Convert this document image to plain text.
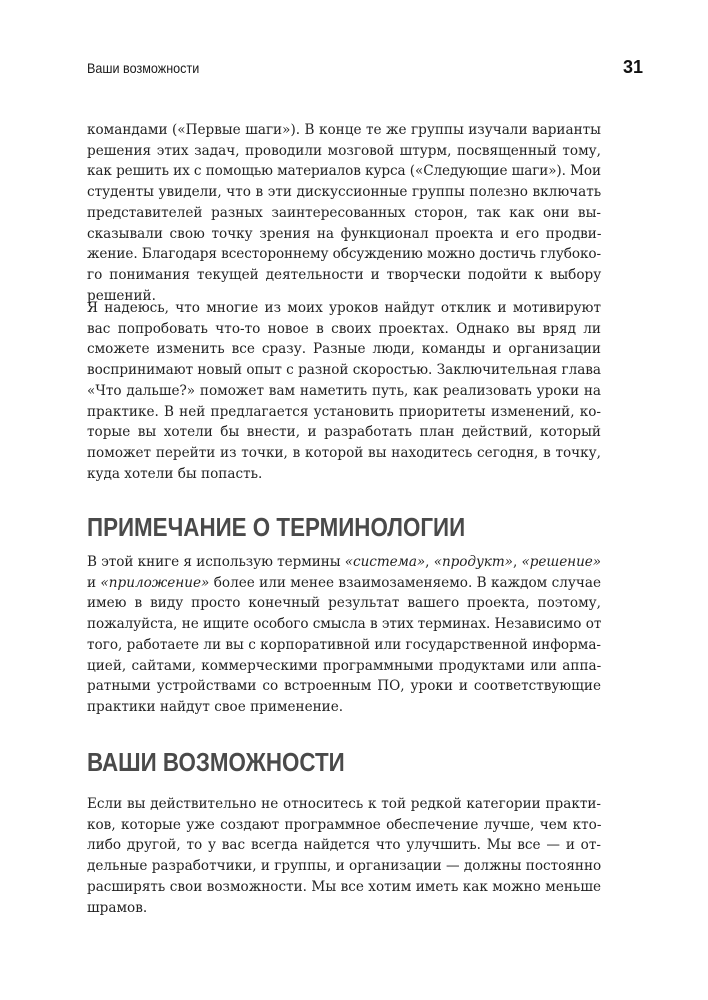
Ваши возможности	31

командами («Первые шаги»). В конце те же группы изучали варианты
решения этих задач, проводили мозговой штурм, посвященный тому,
как решить их с помощью материалов курса («Следующие шаги»). Мои
студенты увидели, что в эти дискуссионные группы полезно включать
представителей разных заинтересованных сторон, так как они вы-
сказывали свою точку зрения на функционал проекта и его продви-
жение. Благодаря всестороннему обсуждению можно достичь глубоко-
го понимания текущей деятельности и творчески подойти к выбору
решений.

Я надеюсь, что многие из моих уроков найдут отклик и мотивируют
вас попробовать что-то новое в своих проектах. Однако вы вряд ли
сможете изменить все сразу. Разные люди, команды и организации
воспринимают новый опыт с разной скоростью. Заключительная глава
«Что дальше?» поможет вам наметить путь, как реализовать уроки на
практике. В ней предлагается установить приоритеты изменений, ко-
торые вы хотели бы внести, и разработать план действий, который
поможет перейти из точки, в которой вы находитесь сегодня, в точку,
куда хотели бы попасть.

ПРИМЕЧАНИЕ О ТЕРМИНОЛОГИИ

В этой книге я использую термины «система», «продукт», «решение»
и «приложение» более или менее взаимозаменяемо. В каждом случае
имею в виду просто конечный результат вашего проекта, поэтому,
пожалуйста, не ищите особого смысла в этих терминах. Независимо от
того, работаете ли вы с корпоративной или государственной информа-
цией, сайтами, коммерческими программными продуктами или аппа-
ратными устройствами со встроенным ПО, уроки и соответствующие
практики найдут свое применение.

ВАШИ ВОЗМОЖНОСТИ

Если вы действительно не относитесь к той редкой категории практи-
ков, которые уже создают программное обеспечение лучше, чем кто-
либо другой, то у вас всегда найдется что улучшить. Мы все — и от-
дельные разработчики, и группы, и организации — должны постоянно
расширять свои возможности. Мы все хотим иметь как можно меньше
шрамов.
